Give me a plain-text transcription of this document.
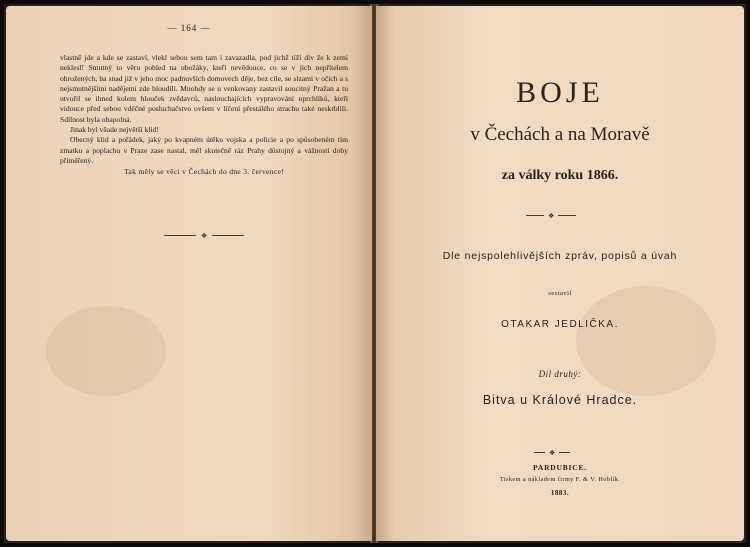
— 164 —

vlastně jde a kde se zastaví, vlekl sebou sem tam i zavazadla, pod jichž tíží div že k zemi neklesl! Smutný to věru pohled na ubožáky, kteří nevědouce, co se v jich nepřítelem ohrožených, ba snad již v jeho moc padnuvších domovech děje, bez cíle, se slzami v očích a s nejsmutnějšími nadějemi zde bloudili. Mnohdy se u venkovany zastavil soucitný Pražan a tu utvořil se ihned kolem hlouček zvědavců, naslouchajících vypravování uprchlíků, kteří vidouce před sebou vděčné posluchačstvo ovšem v líčení přestálého strachu také neskrblili. Sdílnost byla obapolná.

Jinak byl všude největší klid!

Obecný klid a pořádek, jaký po kvapném útěku vojska a policie a po spůsobeném tím zmatku a poplachu v Praze zase nastal, měl skutečně ráz Prahy důstojný a vážnosti doby přiměřený.

Tak měly se věci v Čechách do dne 3. července!

❖
BOJE
v Čechách a na Moravě
za války roku 1866.
❖
Dle nejspolehlivějších zpráv, popisů a úvah
sestavil
OTAKAR JEDLIČKA.
Díl druhý:
Bitva u Králové Hradce.
❖
PARDUBICE.
Tiskem a nákladem firmy F. & V. Hoblík.
1883.
